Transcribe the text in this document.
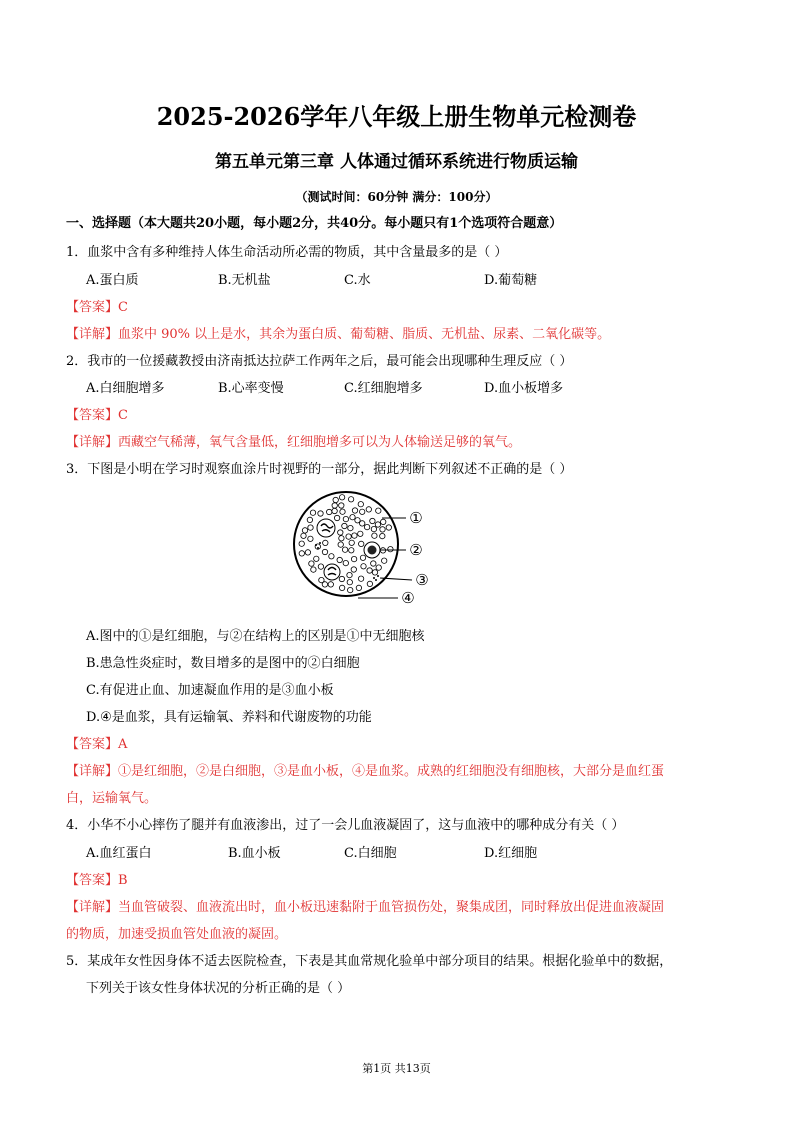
2025-2026学年八年级上册生物单元检测卷
第五单元第三章 人体通过循环系统进行物质运输
（测试时间：60分钟 满分：100分）
一、选择题（本大题共20小题，每小题2分，共40分。每小题只有1个选项符合题意）
1．血浆中含有多种维持人体生命活动所必需的物质，其中含量最多的是（ ）
A.蛋白质	B.无机盐	C.水	D.葡萄糖
【答案】C
【详解】血浆中 90% 以上是水，其余为蛋白质、葡萄糖、脂质、无机盐、尿素、二氧化碳等。
2．我市的一位援藏教授由济南抵达拉萨工作两年之后，最可能会出现哪种生理反应（ ）
A.白细胞增多	B.心率变慢	C.红细胞增多	D.血小板增多
【答案】C
【详解】西藏空气稀薄，氧气含量低，红细胞增多可以为人体输送足够的氧气。
3．下图是小明在学习时观察血涂片时视野的一部分，据此判断下列叙述不正确的是（ ）
①
②
③
④
A.图中的①是红细胞，与②在结构上的区别是①中无细胞核
B.患急性炎症时，数目增多的是图中的②白细胞
C.有促进止血、加速凝血作用的是③血小板
D.④是血浆，具有运输氧、养料和代谢废物的功能
【答案】A
【详解】①是红细胞，②是白细胞，③是血小板，④是血浆。成熟的红细胞没有细胞核，大部分是血红蛋
白，运输氧气。
4．小华不小心摔伤了腿并有血液渗出，过了一会儿血液凝固了，这与血液中的哪种成分有关（ ）
A.血红蛋白	B.血小板	C.白细胞	D.红细胞
【答案】B
【详解】当血管破裂、血液流出时，血小板迅速黏附于血管损伤处，聚集成团，同时释放出促进血液凝固
的物质，加速受损血管处血液的凝固。
5．某成年女性因身体不适去医院检查，下表是其血常规化验单中部分项目的结果。根据化验单中的数据，
下列关于该女性身体状况的分析正确的是（ ）
第1页 共13页
